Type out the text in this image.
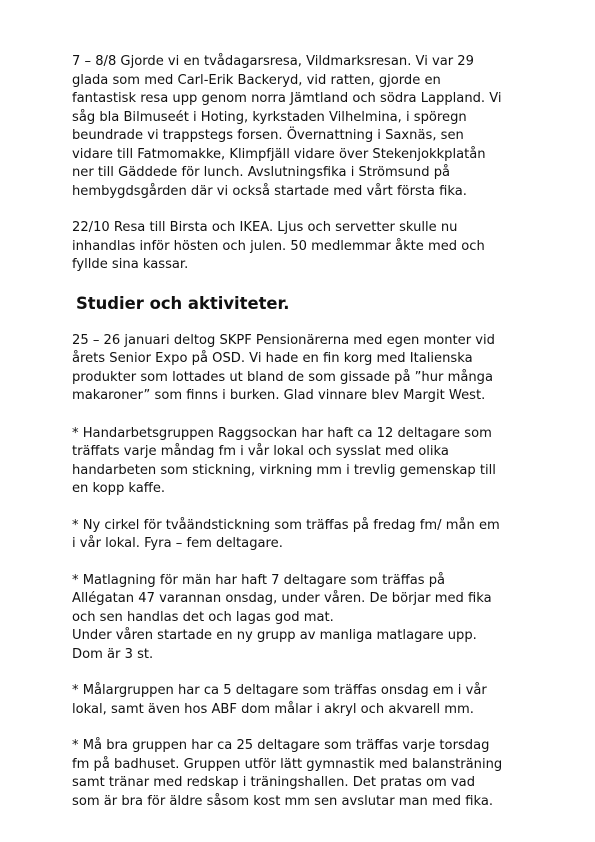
7 – 8/8 Gjorde vi en tvådagarsresa, Vildmarksresan. Vi var 29
glada som med Carl-Erik Backeryd, vid ratten, gjorde en
fantastisk resa upp genom norra Jämtland och södra Lappland. Vi
såg bla Bilmuseét i Hoting, kyrkstaden Vilhelmina, i spöregn
beundrade vi trappstegs forsen. Övernattning i Saxnäs, sen
vidare till Fatmomakke, Klimpfjäll vidare över Stekenjokkplatån
ner till Gäddede för lunch. Avslutningsfika i Strömsund på
hembygdsgården där vi också startade med vårt första fika.

22/10 Resa till Birsta och IKEA. Ljus och servetter skulle nu
inhandlas inför hösten och julen. 50 medlemmar åkte med och
fyllde sina kassar.

Studier och aktiviteter.

25 – 26 januari deltog SKPF Pensionärerna med egen monter vid
årets Senior Expo på OSD. Vi hade en fin korg med Italienska
produkter som lottades ut bland de som gissade på ”hur många
makaroner” som finns i burken. Glad vinnare blev Margit West.

* Handarbetsgruppen Raggsockan har haft ca 12 deltagare som
träffats varje måndag fm i vår lokal och sysslat med olika
handarbeten som stickning, virkning mm i trevlig gemenskap till
en kopp kaffe.

* Ny cirkel för tvåändstickning som träffas på fredag fm/ mån em
i vår lokal. Fyra – fem deltagare.

* Matlagning för män har haft 7 deltagare som träffas på
Allégatan 47 varannan onsdag, under våren. De börjar med fika
och sen handlas det och lagas god mat.
Under våren startade en ny grupp av manliga matlagare upp.
Dom är 3 st.

* Målargruppen har ca 5 deltagare som träffas onsdag em i vår
lokal, samt även hos ABF dom målar i akryl och akvarell mm.

* Må bra gruppen har ca 25 deltagare som träffas varje torsdag
fm på badhuset. Gruppen utför lätt gymnastik med balansträning
samt tränar med redskap i träningshallen. Det pratas om vad
som är bra för äldre såsom kost mm sen avslutar man med fika.
